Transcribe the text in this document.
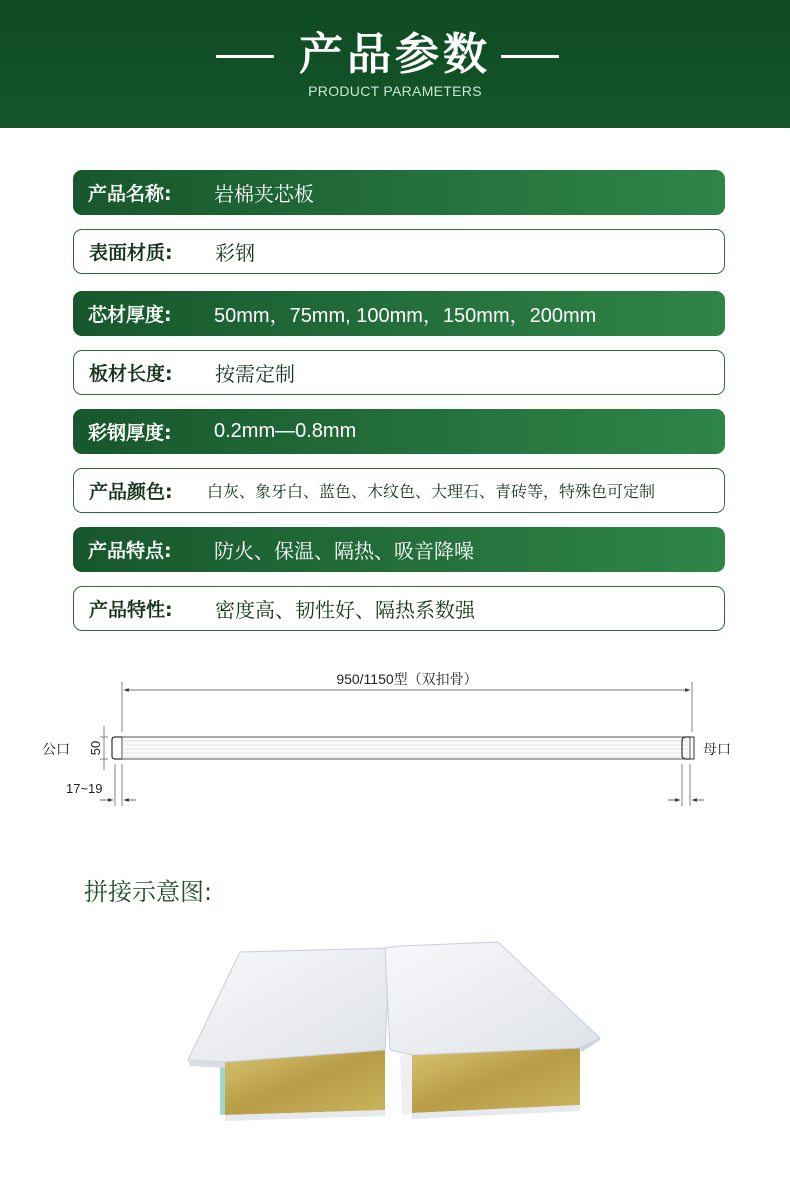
产品参数
PRODUCT PARAMETERS
产品名称:	岩棉夹芯板
表面材质:	彩钢
芯材厚度:	50mm，75mm, 100mm，150mm，200mm
板材长度:	按需定制
彩钢厚度:	0.2mm—0.8mm
产品颜色:	白灰、象牙白、蓝色、木纹色、大理石、青砖等，特殊色可定制
产品特点:	防火、保温、隔热、吸音降噪
产品特性:	密度高、韧性好、隔热系数强
950/1150型（双扣骨）
50
公口	母口
17~19
拼接示意图:
